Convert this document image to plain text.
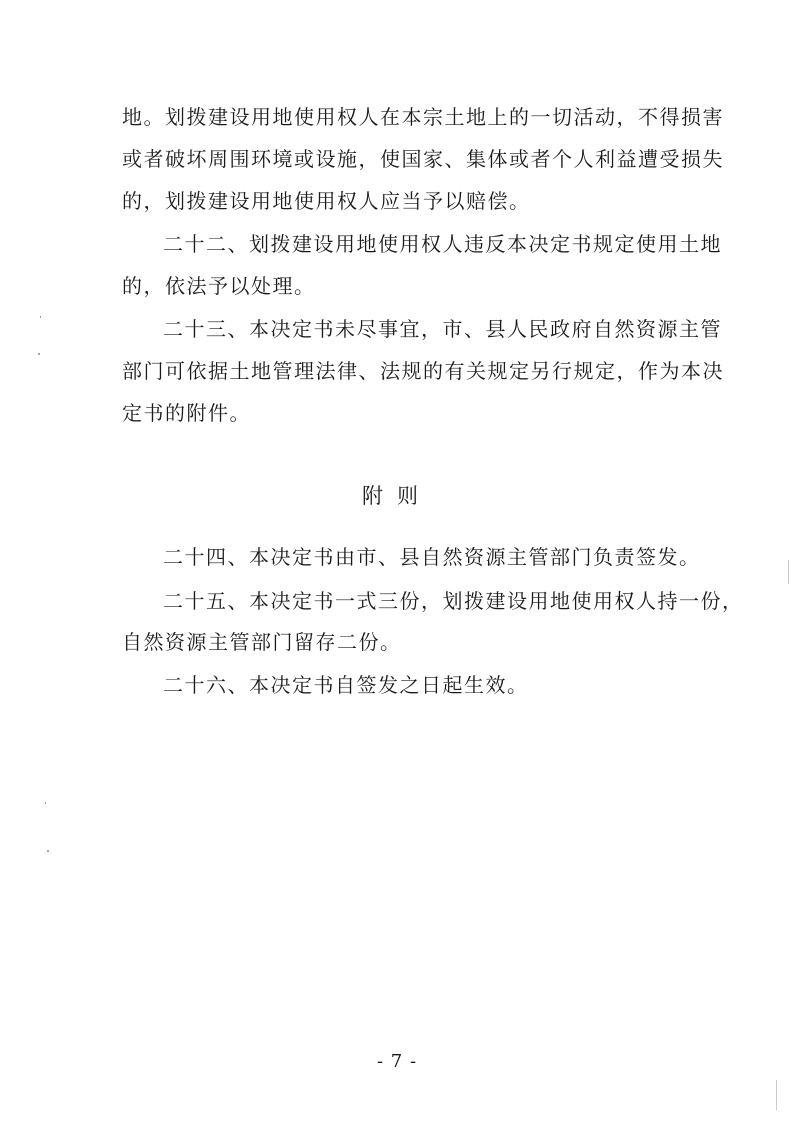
地。划拨建设用地使用权人在本宗土地上的一切活动，不得损害
或者破坏周围环境或设施，使国家、集体或者个人利益遭受损失
的，划拨建设用地使用权人应当予以赔偿。
二十二、划拨建设用地使用权人违反本决定书规定使用土地
的，依法予以处理。
二十三、本决定书未尽事宜，市、县人民政府自然资源主管
部门可依据土地管理法律、法规的有关规定另行规定，作为本决
定书的附件。
附则
二十四、本决定书由市、县自然资源主管部门负责签发。
二十五、本决定书一式三份，划拨建设用地使用权人持一份，
自然资源主管部门留存二份。
二十六、本决定书自签发之日起生效。
- 7 -
